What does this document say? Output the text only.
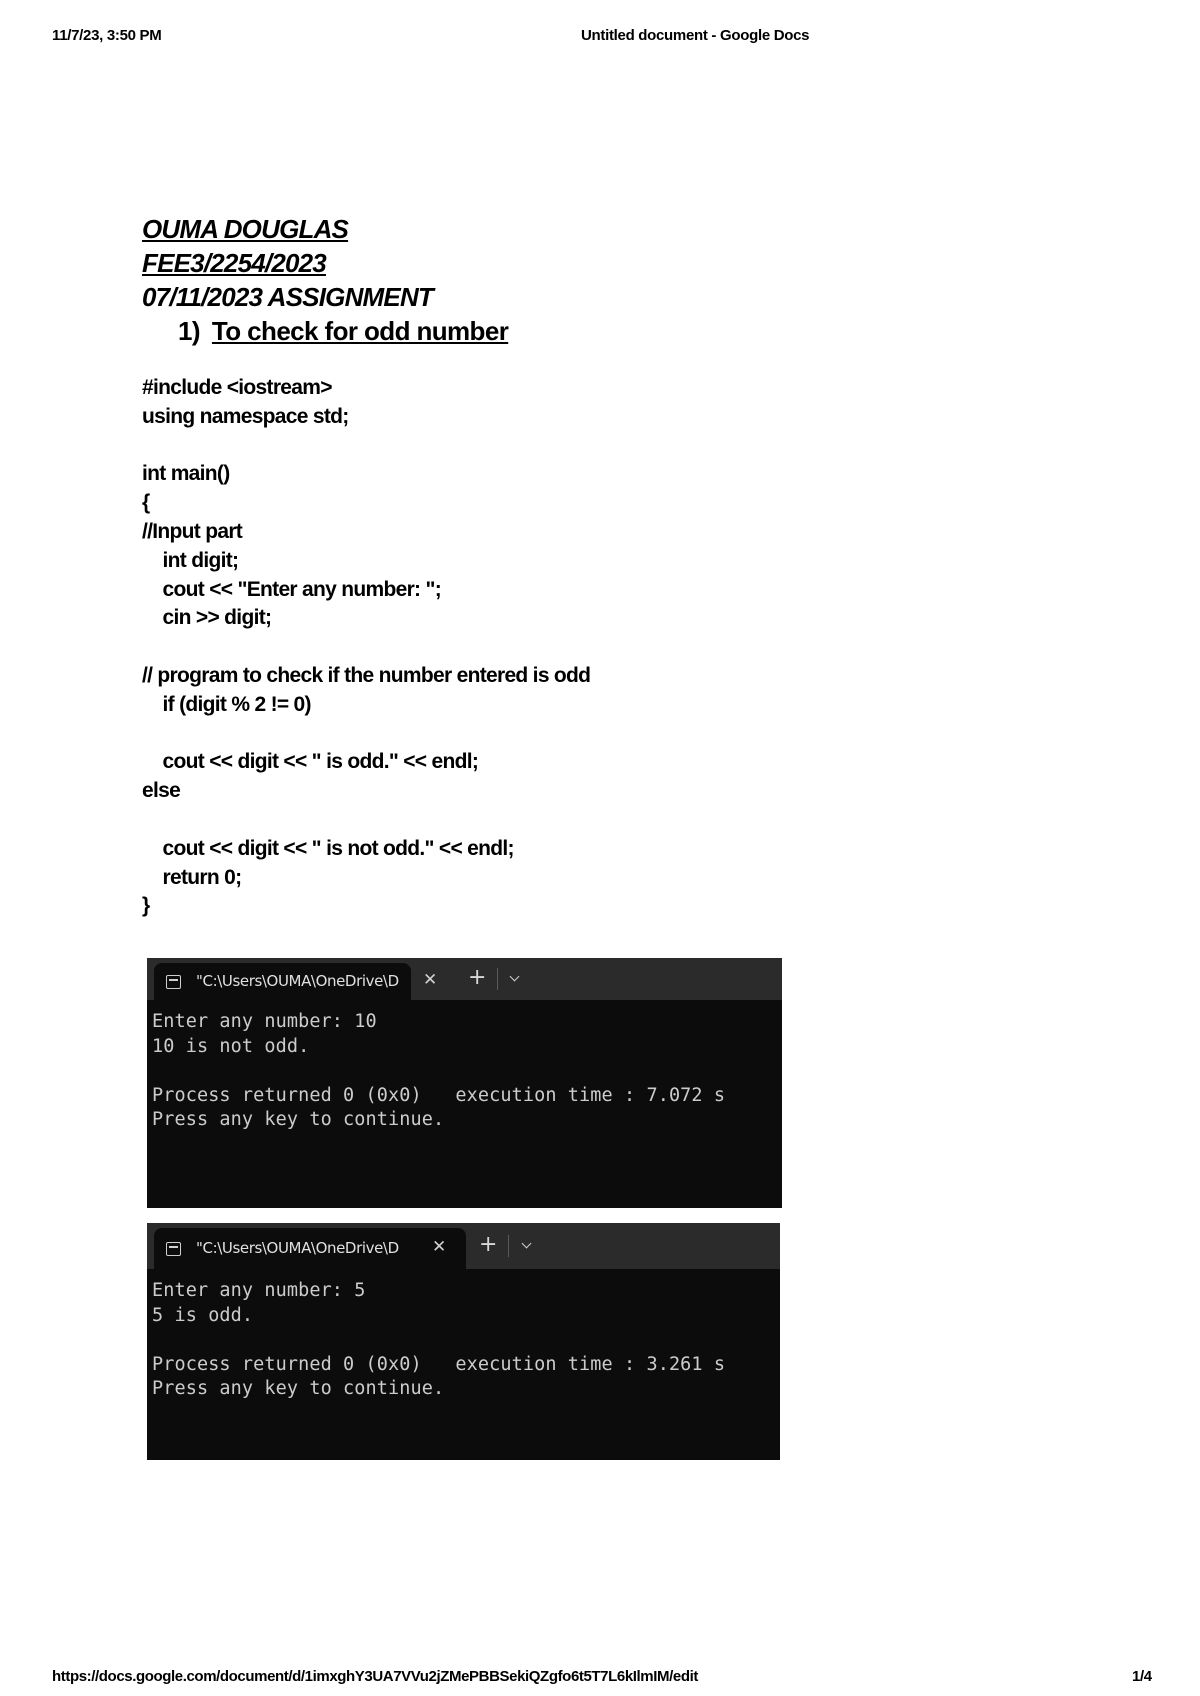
11/7/23, 3:50 PM	Untitled document - Google Docs
OUMA DOUGLAS
FEE3/2254/2023
07/11/2023 ASSIGNMENT
1) To check for odd number
#include <iostream>
using namespace std;
int main()
{
//Input part
int digit;
cout << "Enter any number: ";
cin >> digit;
// program to check if the number entered is odd
if (digit % 2 != 0)
cout << digit << " is odd." << endl;
else
cout << digit << " is not odd." << endl;
return 0;
}
"C:\Users\OUMA\OneDrive\D ✕ +
Enter any number: 10
10 is not odd.
Process returned 0 (0x0)   execution time : 7.072 s
Press any key to continue.
"C:\Users\OUMA\OneDrive\D ✕ +
Enter any number: 5
5 is odd.
Process returned 0 (0x0)   execution time : 3.261 s
Press any key to continue.
https://docs.google.com/document/d/1imxghY3UA7VVu2jZMePBBSekiQZgfo6t5T7L6kIlmIM/edit	1/4
